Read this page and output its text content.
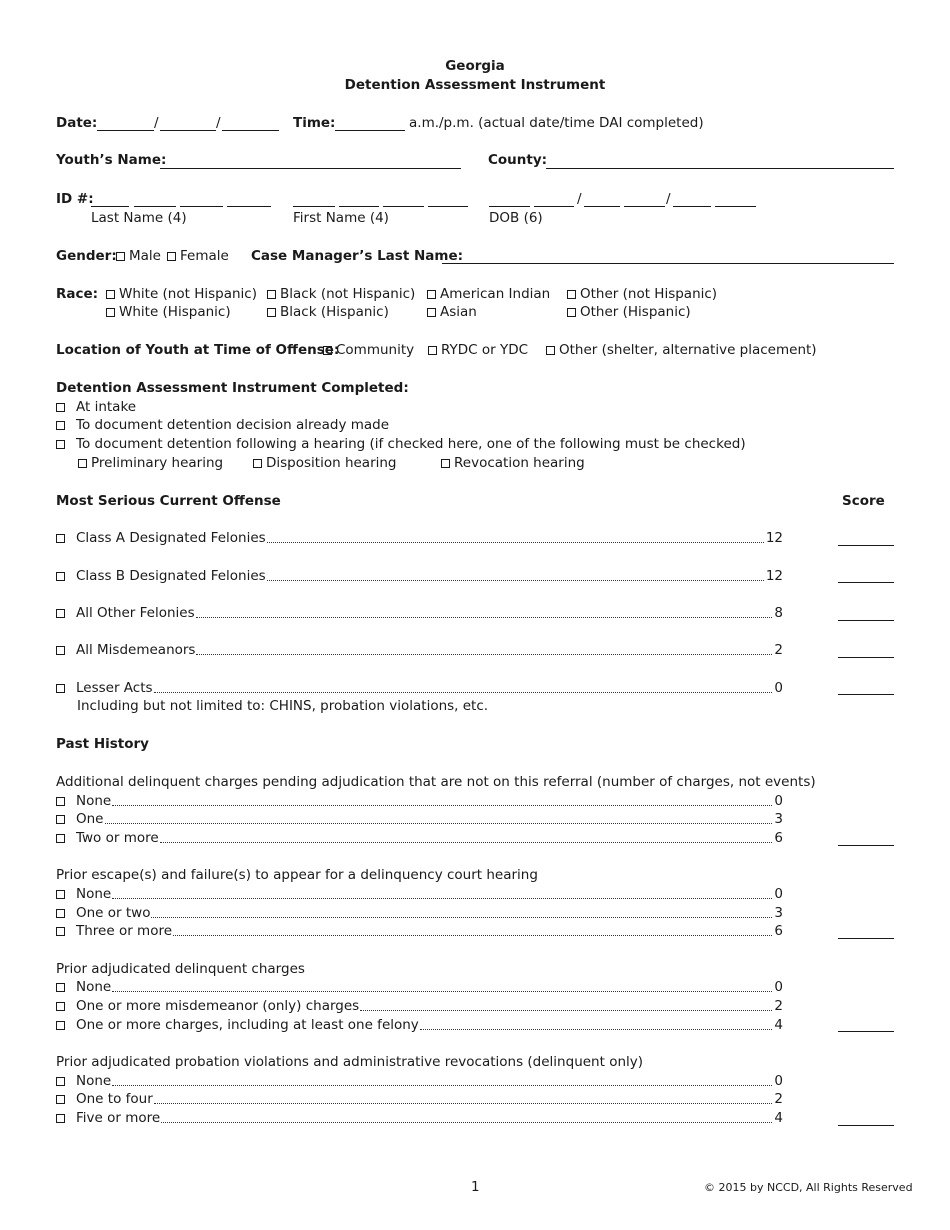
Georgia
Detention Assessment Instrument
Date:	/	/	Time:	a.m./p.m. (actual date/time DAI completed)
Youth’s Name:	County:
ID #:	/	/
Last Name (4)	First Name (4)	DOB (6)
Gender: Male	Female Case Manager’s Last Name:
Race:	White (not Hispanic)	Black (not Hispanic)	American Indian	Other (not Hispanic)
White (Hispanic)	Black (Hispanic)	Asian	Other (Hispanic)
Location of Youth at Time of Offense:
Community	RYDC or YDC	Other (shelter, alternative placement)
Detention Assessment Instrument Completed:
At intake
To document detention decision already made
To document detention following a hearing (if checked here, one of the following must be checked)
Preliminary hearing	Disposition hearing	Revocation hearing
Most Serious Current Offense	Score
Class A Designated Felonies	12
Class B Designated Felonies	12
All Other Felonies	8
All Misdemeanors	2
Lesser Acts	0
Including but not limited to: CHINS, probation violations, etc.
Past History
Additional delinquent charges pending adjudication that are not on this referral (number of charges, not events)
None	0
One	3
Two or more	6
Prior escape(s) and failure(s) to appear for a delinquency court hearing
None	0
One or two	3
Three or more	6
Prior adjudicated delinquent charges
None	0
One or more misdemeanor (only) charges	2
One or more charges, including at least one felony	4
Prior adjudicated probation violations and administrative revocations (delinquent only)
None	0
One to four	2
Five or more	4
1	© 2015 by NCCD, All Rights Reserved
